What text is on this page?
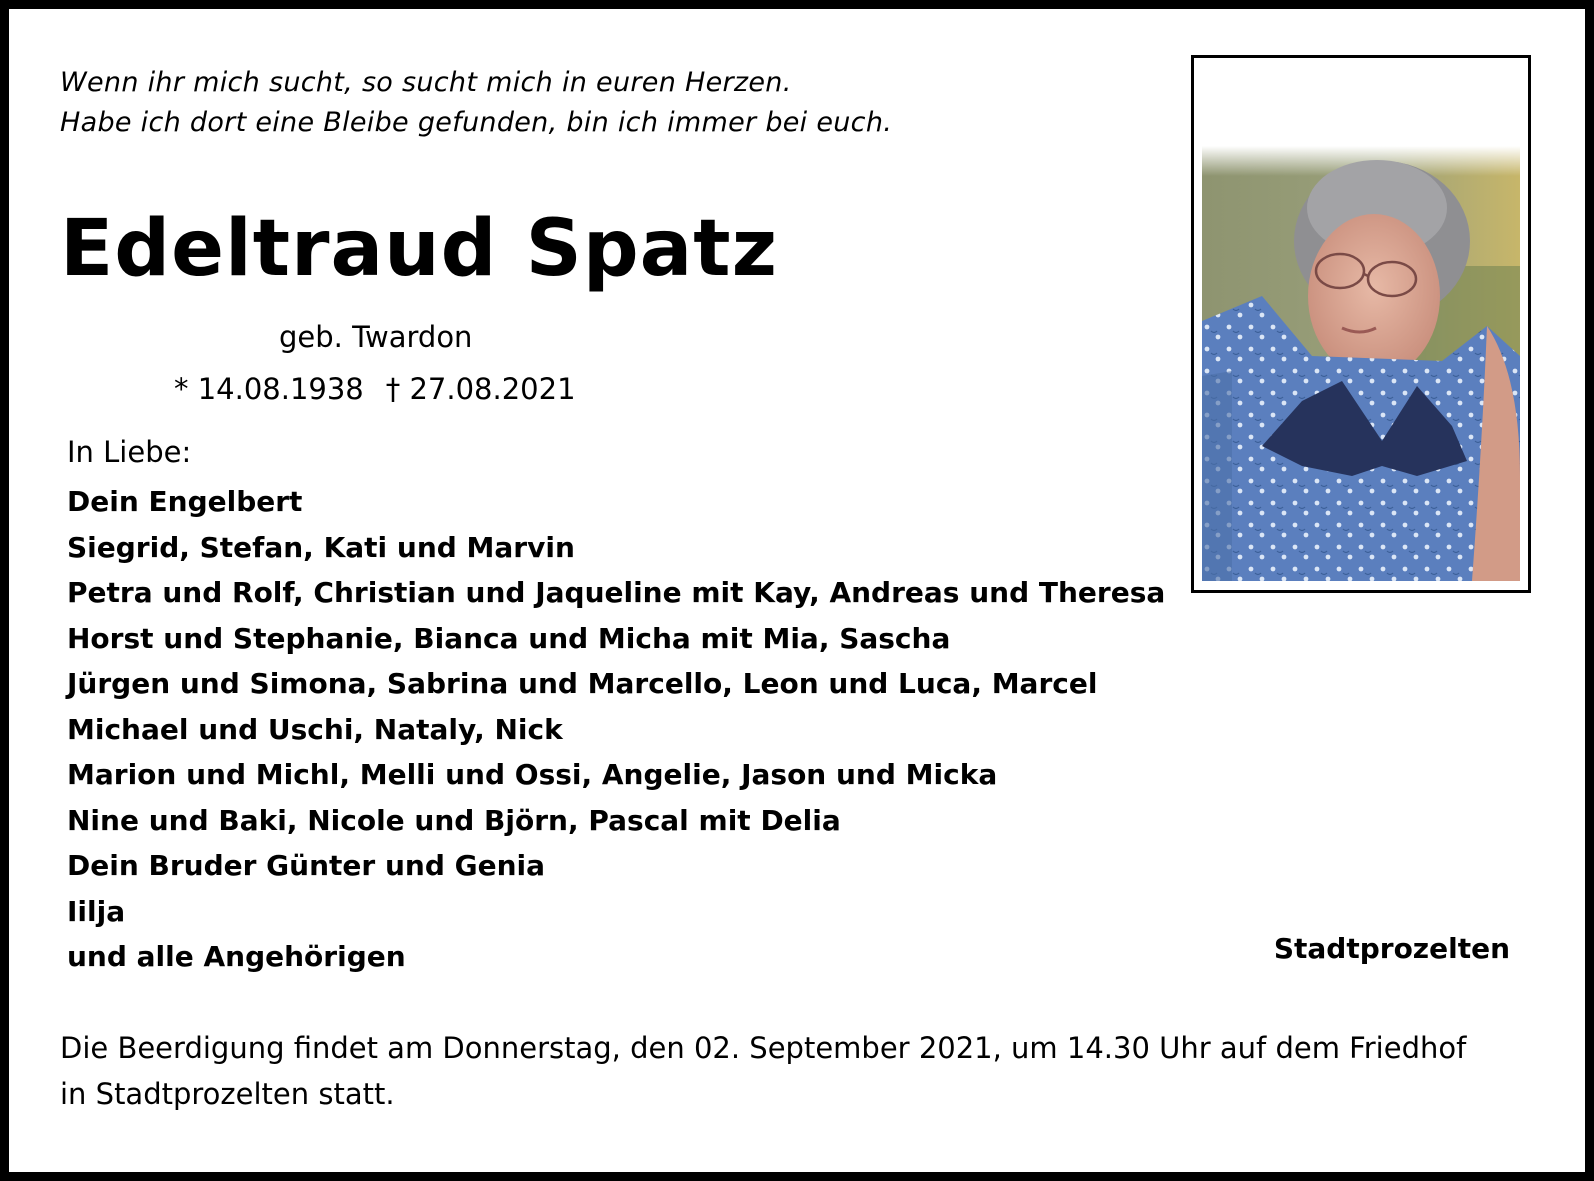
Wenn ihr mich sucht, so sucht mich in euren Herzen.
Habe ich dort eine Bleibe gefunden, bin ich immer bei euch.
Edeltraud Spatz
geb. Twardon
* 14.08.1938 † 27.08.2021
In Liebe:
Dein Engelbert
Siegrid, Stefan, Kati und Marvin
Petra und Rolf, Christian und Jaqueline mit Kay, Andreas und Theresa
Horst und Stephanie, Bianca und Micha mit Mia, Sascha
Jürgen und Simona, Sabrina und Marcello, Leon und Luca, Marcel
Michael und Uschi, Nataly, Nick
Marion und Michl, Melli und Ossi, Angelie, Jason und Micka
Nine und Baki, Nicole und Björn, Pascal mit Delia
Dein Bruder Günter und Genia
Iilja
und alle Angehörigen	Stadtprozelten
Die Beerdigung findet am Donnerstag, den 02. September 2021, um 14.30 Uhr auf dem Friedhof
in Stadtprozelten statt.
